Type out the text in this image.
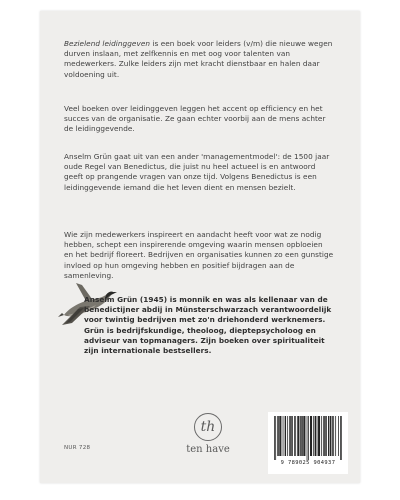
Bezielend leidinggeven is een boek voor leiders (v/m) die nieuwe wegen durven inslaan, met zelfkennis en met oog voor talenten van medewerkers. Zulke leiders zijn met kracht dienstbaar en halen daar voldoening uit.

Veel boeken over leidinggeven leggen het accent op efficiency en het succes van de organisatie. Ze gaan echter voorbij aan de mens achter de leidinggevende.

Anselm Grün gaat uit van een ander 'managementmodel': de 1500 jaar oude Regel van Benedictus, die juist nu heel actueel is en antwoord geeft op prangende vragen van onze tijd. Volgens Benedictus is een leidinggevende iemand die het leven dient en mensen bezielt.

Wie zijn medewerkers inspireert en aandacht heeft voor wat ze nodig hebben, schept een inspirerende omgeving waarin mensen opbloeien en het bedrijf floreert. Bedrijven en organisaties kunnen zo een gunstige invloed op hun omgeving hebben en positief bijdragen aan de samenleving.

Anselm Grün (1945) is monnik en was als kellenaar van de benedictijner abdij in Münsterschwarzach verantwoordelijk voor twintig bedrijven met zo'n driehonderd werknemers. Grün is bedrijfskundige, theoloog, dieptepsycholoog en adviseur van topmanagers. Zijn boeken over spiritualiteit zijn internationale bestsellers.

NUR 728
th
ten have
9 789025 904937
